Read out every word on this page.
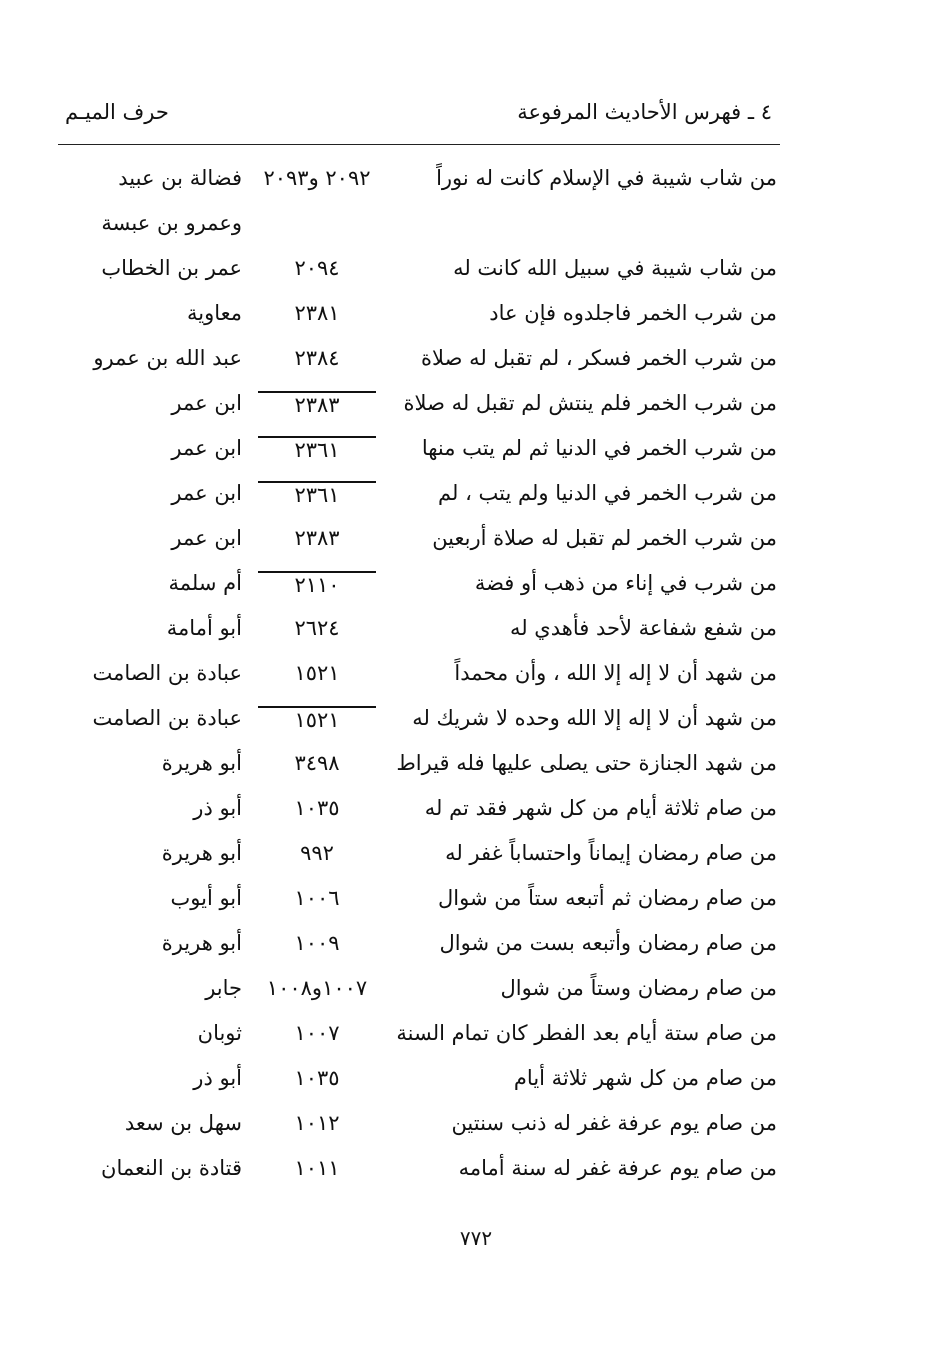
٤ ـ فهرس الأحاديث المرفوعة
حرف الميـم
من شاب شيبة في الإسلام كانت له نوراً
٢٠٩٢ و٢٠٩٣
فضالة بن عبيد
وعمرو بن عبسة
من شاب شيبة في سبيل الله كانت له
٢٠٩٤
عمر بن الخطاب
من شرب الخمر فاجلدوه فإن عاد
٢٣٨١
معاوية
من شرب الخمر فسكر ، لم تقبل له صلاة
٢٣٨٤
عبد الله بن عمرو
من شرب الخمر فلم ينتش لم تقبل له صلاة
٢٣٨٣
ابن عمر
من شرب الخمر في الدنيا ثم لم يتب منها
٢٣٦١
ابن عمر
من شرب الخمر في الدنيا ولم يتب ، لم
٢٣٦١
ابن عمر
من شرب الخمر لم تقبل له صلاة أربعين
٢٣٨٣
ابن عمر
من شرب في إناء من ذهب أو فضة
٢١١٠
أم سلمة
من شفع شفاعة لأحد فأهدي له
٢٦٢٤
أبو أمامة
من شهد أن لا إله إلا الله ، وأن محمداً
١٥٢١
عبادة بن الصامت
من شهد أن لا إله إلا الله وحده لا شريك له
١٥٢١
عبادة بن الصامت
من شهد الجنازة حتى يصلى عليها فله قيراط
٣٤٩٨
أبو هريرة
من صام ثلاثة أيام من كل شهر فقد تم له
١٠٣٥
أبو ذر
من صام رمضان إيماناً واحتساباً غفر له
٩٩٢
أبو هريرة
من صام رمضان ثم أتبعه ستاً من شوال
١٠٠٦
أبو أيوب
من صام رمضان وأتبعه بست من شوال
١٠٠٩
أبو هريرة
من صام رمضان وستاً من شوال
١٠٠٧و١٠٠٨
جابر
من صام ستة أيام بعد الفطر كان تمام السنة
١٠٠٧
ثوبان
من صام من كل شهر ثلاثة أيام
١٠٣٥
أبو ذر
من صام يوم عرفة غفر له ذنب سنتين
١٠١٢
سهل بن سعد
من صام يوم عرفة غفر له سنة أمامه
١٠١١
قتادة بن النعمان
٧٧٢
